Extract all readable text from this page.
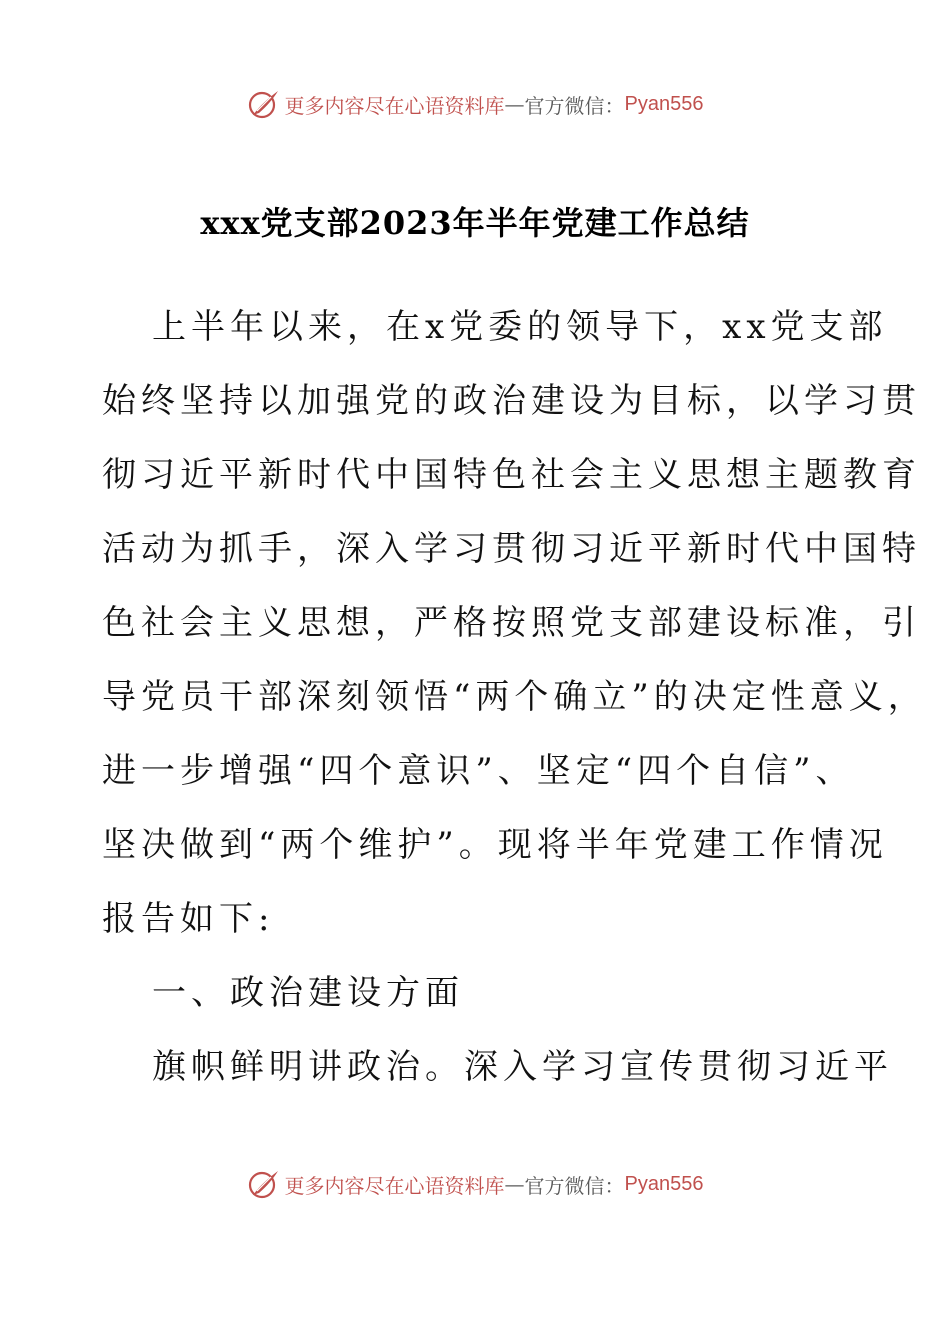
更多内容尽在心语资料库 — 官方微信： Pyan556
xxx党支部2023年半年党建工作总结
上半年以来，在x党委的领导下，xx党支部
始终坚持以加强党的政治建设为目标，以学习贯
彻习近平新时代中国特色社会主义思想主题教育
活动为抓手，深入学习贯彻习近平新时代中国特
色社会主义思想，严格按照党支部建设标准，引
导党员干部深刻领悟“两个确立”的决定性意义，
进一步增强“四个意识”、坚定“四个自信”、
坚决做到“两个维护”。现将半年党建工作情况
报告如下:
一、政治建设方面
旗帜鲜明讲政治。深入学习宣传贯彻习近平
更多内容尽在心语资料库 — 官方微信： Pyan556
